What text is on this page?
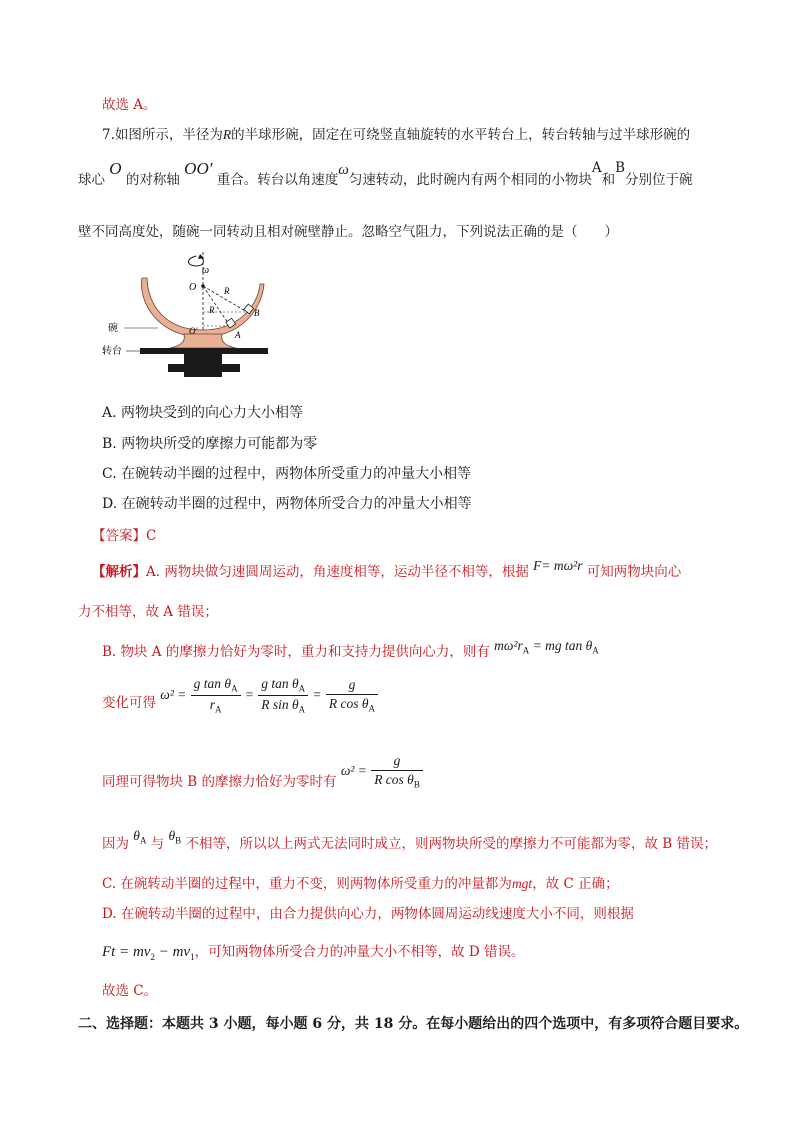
故选 A。
7.如图所示，半径为R的半球形碗，固定在可绕竖直轴旋转的水平转台上，转台转轴与过半球形碗的
球心 O 的对称轴 OO′ 重合。转台以角速度ω匀速转动，此时碗内有两个相同的小物块A和B分别位于碗
壁不同高度处，随碗一同转动且相对碗壁静止。忽略空气阻力，下列说法正确的是（　　）
ω
O	R
R	B
A
O′
碗
转台
A. 两物块受到的向心力大小相等
B. 两物块所受的摩擦力可能都为零
C. 在碗转动半圈的过程中，两物体所受重力的冲量大小相等
D. 在碗转动半圈的过程中，两物体所受合力的冲量大小相等
【答案】C
【解析】A. 两物块做匀速圆周运动，角速度相等，运动半径不相等，根据 F= mω²r 可知两物块向心
力不相等，故 A 错误；
B. 物块 A 的摩擦力恰好为零时，重力和支持力提供向心力，则有 $m\omega^2r_A$ = mg $\tan \theta_A$
变化可得 $\omega^2 = \frac{g \tan \theta_A}{r_A} = \frac{g \tan \theta_A}{R \sin \theta_A} = \frac{g}{R \cos \theta_A}$
同理可得物块 B 的摩擦力恰好为零时有 $\omega^2 = \frac{g}{R \cos \theta_B}$
因为 $\theta_A$ 与 $\theta_B$ 不相等，所以以上两式无法同时成立，则两物块所受的摩擦力不可能都为零，故 B 错误；
C. 在碗转动半圈的过程中，重力不变，则两物体所受重力的冲量都为mgt，故 C 正确；
D. 在碗转动半圈的过程中，由合力提供向心力，两物体圆周运动线速度大小不同，则根据
$Ft = mv_2 - mv_1$，可知两物体所受合力的冲量大小不相等，故 D 错误。
故选 C。
二、选择题：本题共 3 小题，每小题 6 分，共 18 分。在每小题给出的四个选项中，有多项符合题目要求。
